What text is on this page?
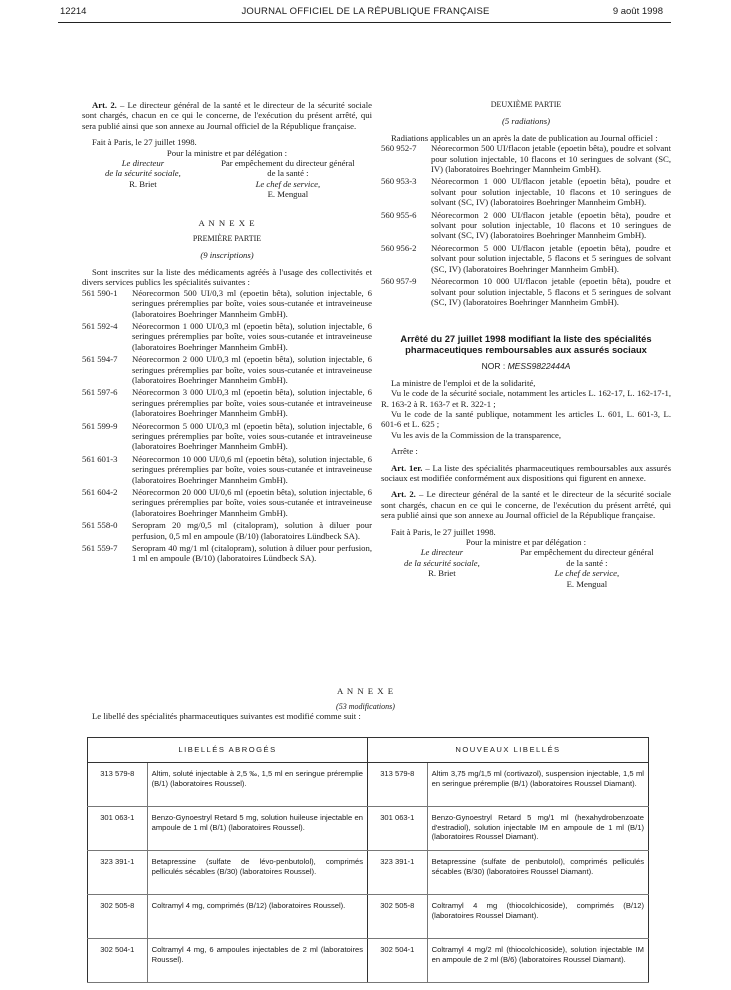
12214	JOURNAL OFFICIEL DE LA RÉPUBLIQUE FRANÇAISE	9 août 1998

Art. 2. – Le directeur général de la santé et le directeur de la sécurité sociale sont chargés, chacun en ce qui le concerne, de l'exécution du présent arrêté, qui sera publié ainsi que son annexe au Journal officiel de la République française.

Fait à Paris, le 27 juillet 1998.

Pour la ministre et par délégation :

Le directeur	Par empêchement du directeur général
de la sécurité sociale,	de la santé :
R. Briet	Le chef de service,
E. Mengual

A N N E X E

PREMIÈRE PARTIE

(9 inscriptions)

Sont inscrites sur la liste des médicaments agréés à l'usage des collectivités et divers services publics les spécialités suivantes :

561 590-1	Néorecormon 500 UI/0,3 ml (epoetin bêta), solution injectable, 6 seringues préremplies par boîte, voies sous-cutanée et intraveineuse (laboratoires Boehringer Mannheim GmbH).
561 592-4	Néorecormon 1 000 UI/0,3 ml (epoetin bêta), solution injectable, 6 seringues préremplies par boîte, voies sous-cutanée et intraveineuse (laboratoires Boehringer Mannheim GmbH).
561 594-7	Néorecormon 2 000 UI/0,3 ml (epoetin bêta), solution injectable, 6 seringues préremplies par boîte, voies sous-cutanée et intraveineuse (laboratoires Boehringer Mannheim GmbH).
561 597-6	Néorecormon 3 000 UI/0,3 ml (epoetin bêta), solution injectable, 6 seringues préremplies par boîte, voies sous-cutanée et intraveineuse (laboratoires Boehringer Mannheim GmbH).
561 599-9	Néorecormon 5 000 UI/0,3 ml (epoetin bêta), solution injectable, 6 seringues préremplies par boîte, voies sous-cutanée et intraveineuse (laboratoires Boehringer Mannheim GmbH).
561 601-3	Néorecormon 10 000 UI/0,6 ml (epoetin bêta), solution injectable, 6 seringues préremplies par boîte, voies sous-cutanée et intraveineuse (laboratoires Boehringer Mannheim GmbH).
561 604-2	Néorecormon 20 000 UI/0,6 ml (epoetin bêta), solution injectable, 6 seringues préremplies par boîte, voies sous-cutanée et intraveineuse (laboratoires Boehringer Mannheim GmbH).
561 558-0	Seropram 20 mg/0,5 ml (citalopram), solution à diluer pour perfusion, 0,5 ml en ampoule (B/10) (laboratoires Lündbeck SA).
561 559-7	Seropram 40 mg/1 ml (citalopram), solution à diluer pour perfusion, 1 ml en ampoule (B/10) (laboratoires Lündbeck SA).

DEUXIÈME PARTIE

(5 radiations)

Radiations applicables un an après la date de publication au Journal officiel :

560 952-7	Néorecormon 500 UI/flacon jetable (epoetin bêta), poudre et solvant pour solution injectable, 10 flacons et 10 seringues de solvant (SC, IV) (laboratoires Boehringer Mannheim GmbH).
560 953-3	Néorecormon 1 000 UI/flacon jetable (epoetin bêta), poudre et solvant pour solution injectable, 10 flacons et 10 seringues de solvant (SC, IV) (laboratoires Boehringer Mannheim GmbH).
560 955-6	Néorecormon 2 000 UI/flacon jetable (epoetin bêta), poudre et solvant pour solution injectable, 10 flacons et 10 seringues de solvant (SC, IV) (laboratoires Boehringer Mannheim GmbH).
560 956-2	Néorecormon 5 000 UI/flacon jetable (epoetin bêta), poudre et solvant pour solution injectable, 5 flacons et 5 seringues de solvant (SC, IV) (laboratoires Boehringer Mannheim GmbH).
560 957-9	Néorecormon 10 000 UI/flacon jetable (epoetin bêta), poudre et solvant pour solution injectable, 5 flacons et 5 seringues de solvant (SC, IV) (laboratoires Boehringer Mannheim GmbH).

Arrêté du 27 juillet 1998 modifiant la liste des spécialités pharmaceutiques remboursables aux assurés sociaux

NOR : MESS9822444A

La ministre de l'emploi et de la solidarité,

Vu le code de la sécurité sociale, notamment les articles L. 162-17, L. 162-17-1, R. 163-2 à R. 163-7 et R. 322-1 ;

Vu le code de la santé publique, notamment les articles L. 601, L. 601-3, L. 601-6 et L. 625 ;

Vu les avis de la Commission de la transparence,

Arrête :

Art. 1er. – La liste des spécialités pharmaceutiques remboursables aux assurés sociaux est modifiée conformément aux dispositions qui figurent en annexe.

Art. 2. – Le directeur général de la santé et le directeur de la sécurité sociale sont chargés, chacun en ce qui le concerne, de l'exécution du présent arrêté, qui sera publié ainsi que son annexe au Journal officiel de la République française.

Fait à Paris, le 27 juillet 1998.

Pour la ministre et par délégation :

Le directeur	Par empêchement du directeur général
de la sécurité sociale,	de la santé :
R. Briet	Le chef de service,
E. Mengual

A N N E X E

(53 modifications)

Le libellé des spécialités pharmaceutiques suivantes est modifié comme suit :

LIBELLÉS ABROGÉS		NOUVEAUX LIBELLÉS	
313 579-8	Altim, soluté injectable à 2,5 ‰, 1,5 ml en seringue préremplie (B/1) (laboratoires Roussel).	313 579-8	Altim 3,75 mg/1,5 ml (cortivazol), suspension injectable, 1,5 ml en seringue préremplie (B/1) (laboratoires Roussel Diamant).
301 063-1	Benzo-Gynoestryl Retard 5 mg, solution huileuse injectable en ampoule de 1 ml (B/1) (laboratoires Roussel).	301 063-1	Benzo-Gynoestryl Retard 5 mg/1 ml (hexahydrobenzoate d'estradiol), solution injectable IM en ampoule de 1 ml (B/1) (laboratoires Roussel Diamant).
323 391-1	Betapressine (sulfate de lévo-penbutolol), comprimés pelliculés sécables (B/30) (laboratoires Roussel).	323 391-1	Betapressine (sulfate de penbutolol), comprimés pelliculés sécables (B/30) (laboratoires Roussel Diamant).
302 505-8	Coltramyl 4 mg, comprimés (B/12) (laboratoires Roussel).	302 505-8	Coltramyl 4 mg (thiocolchicoside), comprimés (B/12) (laboratoires Roussel Diamant).
302 504-1	Coltramyl 4 mg, 6 ampoules injectables de 2 ml (laboratoires Roussel).	302 504-1	Coltramyl 4 mg/2 ml (thiocolchicoside), solution injectable IM en ampoule de 2 ml (B/6) (laboratoires Roussel Diamant).
